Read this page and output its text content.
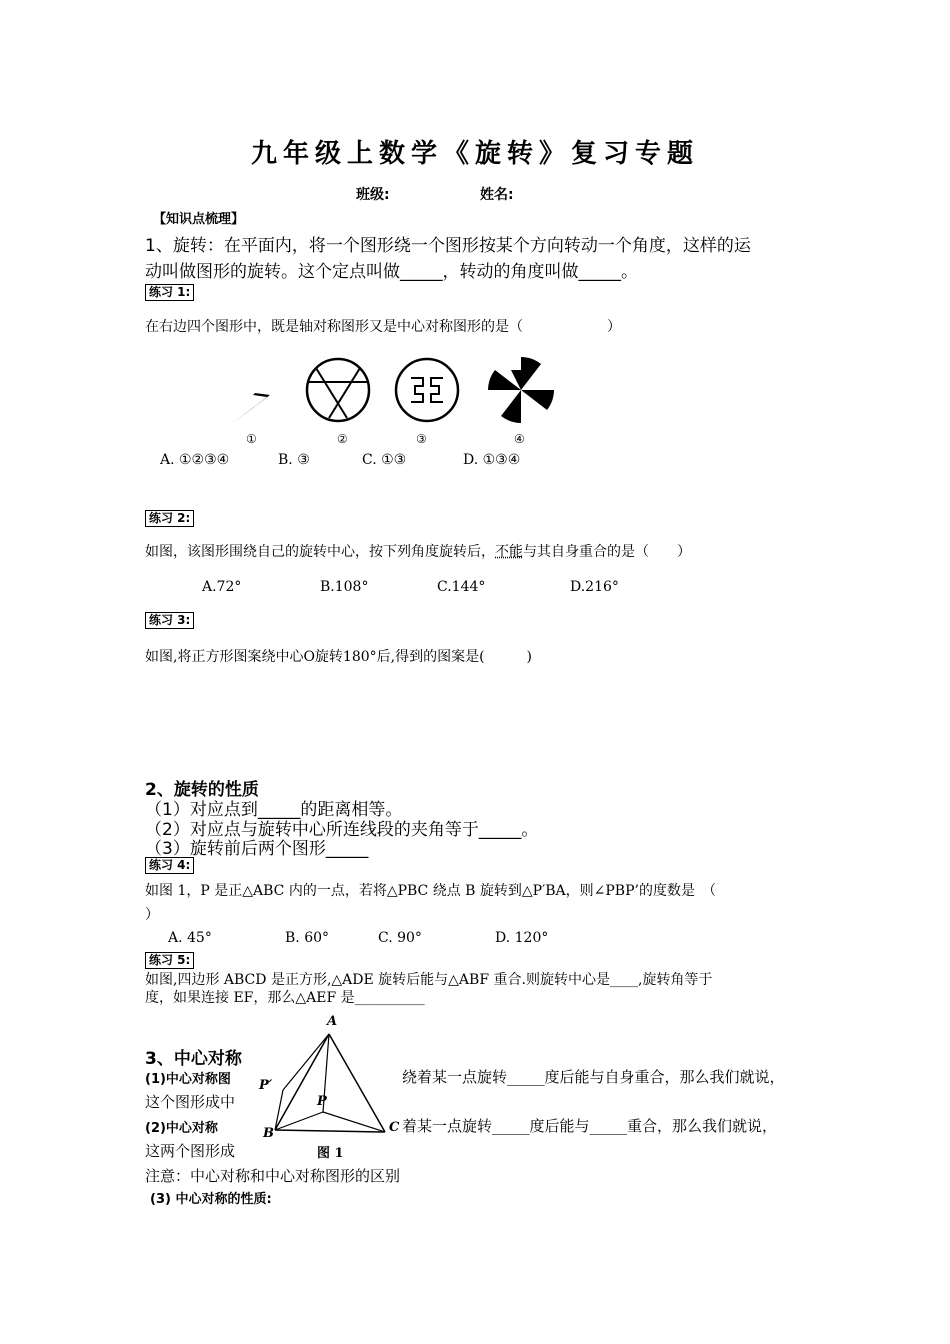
九年级上数学《旋转》复习专题
班级:	姓名:
【知识点梳理】
1、旋转：在平面内，将一个图形绕一个图形按某个方向转动一个角度，这样的运
动叫做图形的旋转。这个定点叫做_____，转动的角度叫做_____。
练习 1:
在右边四个图形中，既是轴对称图形又是中心对称图形的是（　　　　　　）
①	②	③	④
A. ①②③④	B. ③	C. ①③	D. ①③④
练习 2:
如图，该图形围绕自己的旋转中心，按下列角度旋转后，不能与其自身重合的是（　　）
A.72°	B.108°	C.144°	D.216°
练习 3:
如图,将正方形图案绕中心O旋转180°后,得到的图案是(　　　)
2、旋转的性质
（1）对应点到_____的距离相等。
（2）对应点与旋转中心所连线段的夹角等于_____。
（3）旋转前后两个图形_____
练习 4:
如图 1，P 是正△ABC 内的一点，若将△PBC 绕点 B 旋转到△P′BA，则∠PBP’的度数是　（
）
A. 45°	B. 60°	C. 90°	D. 120°
练习 5:
如图,四边形 ABCD 是正方形,△ADE 旋转后能与△ABF 重合.则旋转中心是____,旋转角等于
度，如果连接 EF，那么△AEF 是__________
3、中心对称
(1)中心对称图	绕着某一点旋转_____度后能与自身重合，那么我们就说，
这个图形成中
(2)中心对称	着某一点旋转_____度后能与_____重合，那么我们就说，
这两个图形成
注意：中心对称和中心对称图形的区别
(3) 中心对称的性质:
A
P′
P
B	C
图 1
